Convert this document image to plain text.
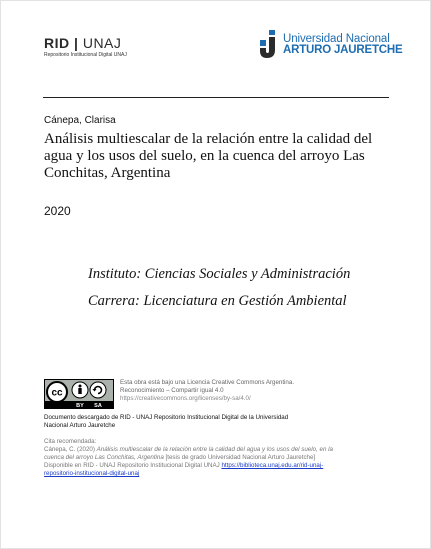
RID | UNAJ
Repositorio Institucional Digital UNAJ
Universidad Nacional
ARTURO JAURETCHE
Cánepa, Clarisa
Análisis multiescalar de la relación entre la calidad del agua y los usos del suelo, en la cuenca del arroyo Las Conchitas, Argentina
2020
Instituto: Ciencias Sociales y Administración
Carrera: Licenciatura en Gestión Ambiental
cc
BY SA
Esta obra está bajo una Licencia Creative Commons Argentina.
Reconocimiento – Compartir igual 4.0
https://creativecommons.org/licenses/by-sa/4.0/
Documento descargado de RID - UNAJ Repositorio Institucional Digital de la Universidad
Nacional Arturo Jauretche
Cita recomendada:
Cánepa, C. (2020) Análisis multiescalar de la relación entre la calidad del agua y los usos del suelo, en la
cuenca del arroyo Las Conchitas, Argentina [tesis de grado Universidad Nacional Arturo Jauretche]
Disponible en RID - UNAJ Repositorio Institucional Digital UNAJ https://biblioteca.unaj.edu.ar/rid-unaj-
repositorio-institucional-digital-unaj
